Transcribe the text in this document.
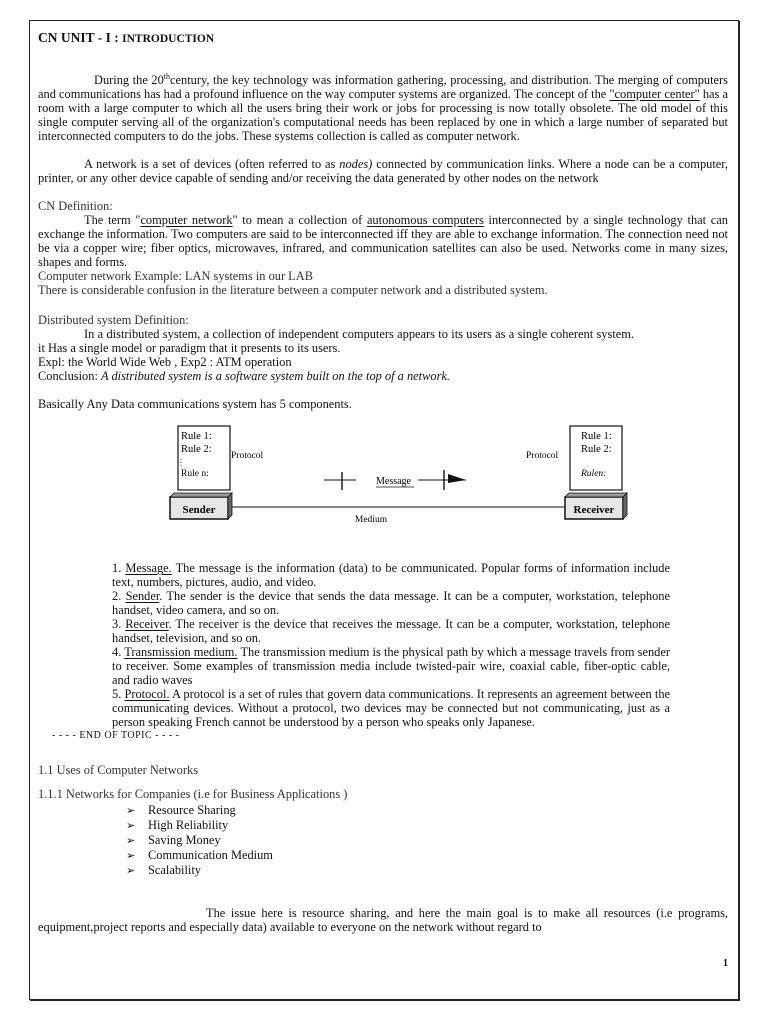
CN UNIT - I : INTRODUCTION

During the 20thcentury, the key technology was information gathering, processing, and distribution. The merging of computers and communications has had a profound influence on the way computer systems are organized. The concept of the "computer center" has a room with a large computer to which all the users bring their work or jobs for processing is now totally obsolete. The old model of this single computer serving all of the organization's computational needs has been replaced by one in which a large number of separated but interconnected computers to do the jobs. These systems collection is called as computer network.

A network is a set of devices (often referred to as nodes) connected by communication links. Where a node can be a computer, printer, or any other device capable of sending and/or receiving the data generated by other nodes on the network

CN Definition:

The term "computer network" to mean a collection of autonomous computers interconnected by a single technology that can exchange the information. Two computers are said to be interconnected iff they are able to exchange information. The connection need not be via a copper wire; fiber optics, microwaves, infrared, and communication satellites can also be used. Networks come in many sizes, shapes and forms.

Computer network Example: LAN systems in our LAB

There is considerable confusion in the literature between a computer network and a distributed system.

Distributed system Definition:

In a distributed system, a collection of independent computers appears to its users as a single coherent system. it Has a single model or paradigm that it presents to its users.

Expl: the World Wide Web , Exp2 : ATM operation

Conclusion: A distributed system is a software system built on the top of a network.

Basically Any Data communications system has 5 components.

Rule 1:
Rule 2:
Rule n:
Rule 1:
Rule 2:
Rulen:
Protocol	Protocol
Sender	Receiver
Medium
Message

1. Message. The message is the information (data) to be communicated. Popular forms of information include text, numbers, pictures, audio, and video.

2. Sender. The sender is the device that sends the data message. It can be a computer, workstation, telephone handset, video camera, and so on.

3. Receiver. The receiver is the device that receives the message. It can be a computer, workstation, telephone handset, television, and so on.

4. Transmission medium. The transmission medium is the physical path by which a message travels from sender to receiver. Some examples of transmission media include twisted-pair wire, coaxial cable, fiber-optic cable, and radio waves

5. Protocol. A protocol is a set of rules that govern data communications. It represents an agreement between the communicating devices. Without a protocol, two devices may be connected but not communicating, just as a person speaking French cannot be understood by a person who speaks only Japanese.

- - - - END OF TOPIC - - - -

1.1 Uses of Computer Networks

1.1.1 Networks for Companies (i.e for Business Applications )

➢ Resource Sharing
➢ High Reliability
➢ Saving Money
➢ Communication Medium
➢ Scalability

The issue here is resource sharing, and here the main goal is to make all resources (i.e programs, equipment,project reports and especially data) available to everyone on the network without regard to

1
